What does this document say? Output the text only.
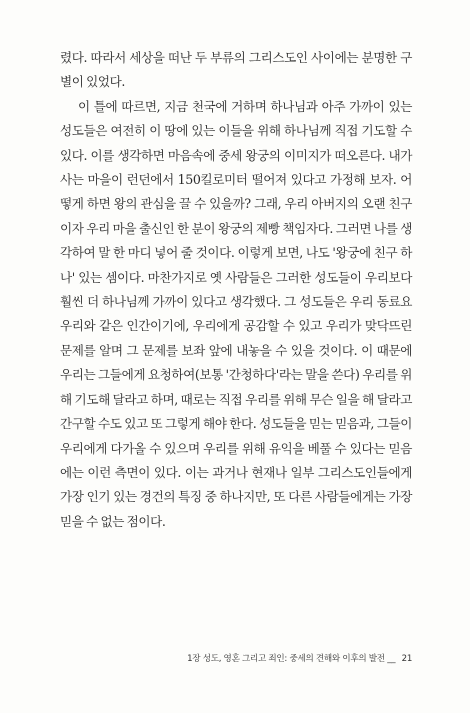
렸다. 따라서 세상을 떠난 두 부류의 그리스도인 사이에는 분명한 구별이 있었다.

이 틀에 따르면, 지금 천국에 거하며 하나님과 아주 가까이 있는 성도들은 여전히 이 땅에 있는 이들을 위해 하나님께 직접 기도할 수 있다. 이를 생각하면 마음속에 중세 왕궁의 이미지가 떠오른다. 내가 사는 마을이 런던에서 150킬로미터 떨어져 있다고 가정해 보자. 어떻게 하면 왕의 관심을 끌 수 있을까? 그래, 우리 아버지의 오랜 친구이자 우리 마을 출신인 한 분이 왕궁의 제빵 책임자다. 그러면 나를 생각하여 말 한 마디 넣어 줄 것이다. 이렇게 보면, 나도 '왕궁에 친구 하나' 있는 셈이다. 마찬가지로 옛 사람들은 그러한 성도들이 우리보다 훨씬 더 하나님께 가까이 있다고 생각했다. 그 성도들은 우리 동료요 우리와 같은 인간이기에, 우리에게 공감할 수 있고 우리가 맞닥뜨린 문제를 알며 그 문제를 보좌 앞에 내놓을 수 있을 것이다. 이 때문에 우리는 그들에게 요청하여(보통 '간청하다'라는 말을 쓴다) 우리를 위해 기도해 달라고 하며, 때로는 직접 우리를 위해 무슨 일을 해 달라고 간구할 수도 있고 또 그렇게 해야 한다. 성도들을 믿는 믿음과, 그들이 우리에게 다가올 수 있으며 우리를 위해 유익을 베풀 수 있다는 믿음에는 이런 측면이 있다. 이는 과거나 현재나 일부 그리스도인들에게 가장 인기 있는 경건의 특징 중 하나지만, 또 다른 사람들에게는 가장 믿을 수 없는 점이다.

1장 성도, 영혼 그리고 죄인: 중세의 견해와 이후의 발전 __ 21
